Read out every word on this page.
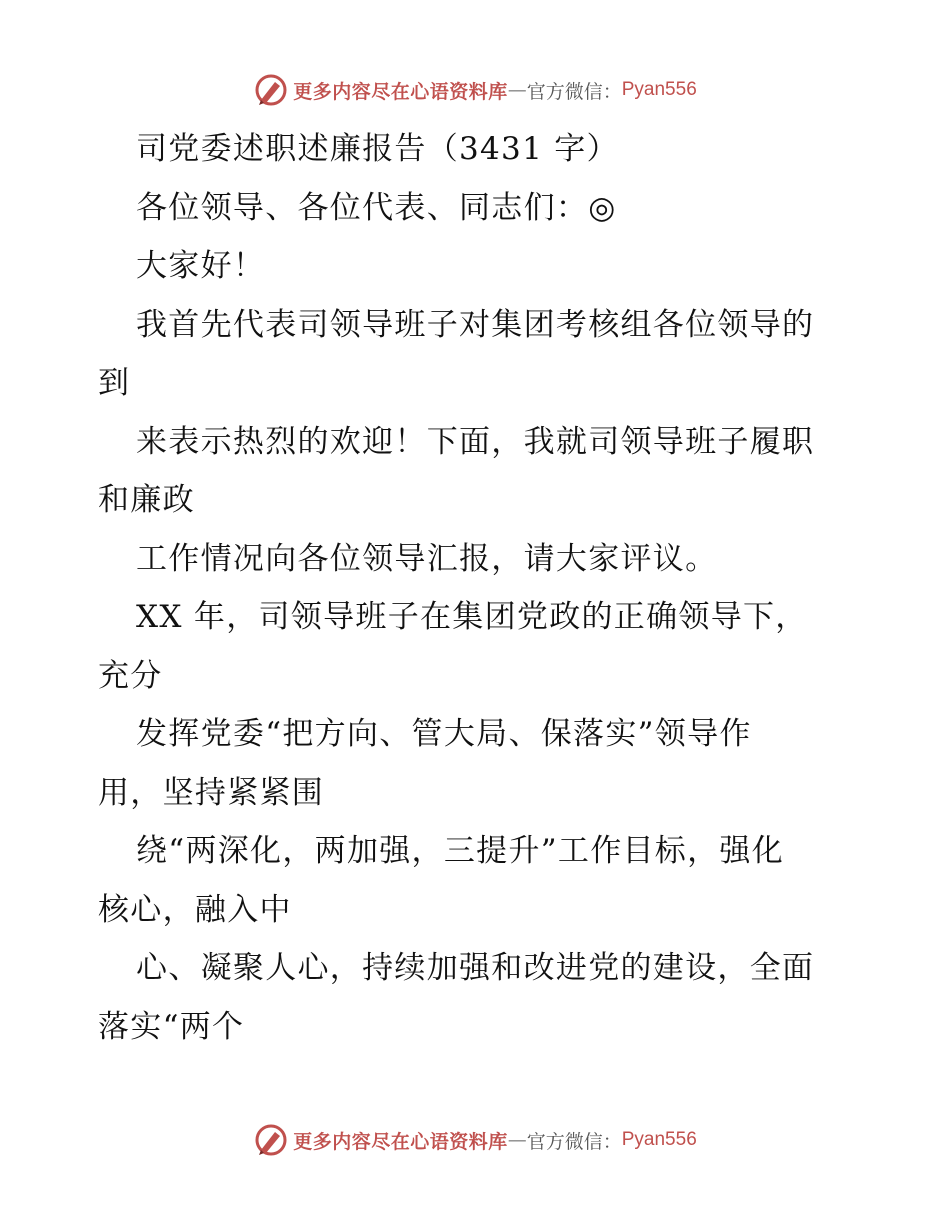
更多内容尽在心语资料库 — 官方微信： Pyan556
司党委述职述廉报告（3431 字）
各位领导、各位代表、同志们：◎
大家好！
我首先代表司领导班子对集团考核组各位领导的
到
来表示热烈的欢迎！下面，我就司领导班子履职
和廉政
工作情况向各位领导汇报，请大家评议。
XX 年，司领导班子在集团党政的正确领导下，
充分
发挥党委“把方向、管大局、保落实”领导作
用，坚持紧紧围
绕“两深化，两加强，三提升”工作目标，强化
核心，融入中
心、凝聚人心，持续加强和改进党的建设，全面
落实“两个
更多内容尽在心语资料库 — 官方微信： Pyan556
